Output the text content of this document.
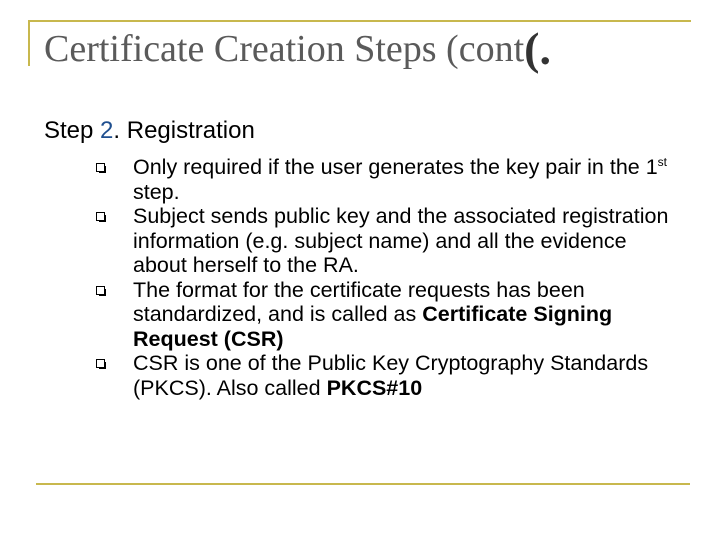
Certificate Creation Steps (cont(.
Step 2. Registration
Only required if the user generates the key pair in the 1st step.
Subject sends public key and the associated registration information (e.g. subject name) and all the evidence about herself to the RA.
The format for the certificate requests has been standardized, and is called as Certificate Signing Request (CSR)
CSR is one of the Public Key Cryptography Standards (PKCS). Also called PKCS#10
